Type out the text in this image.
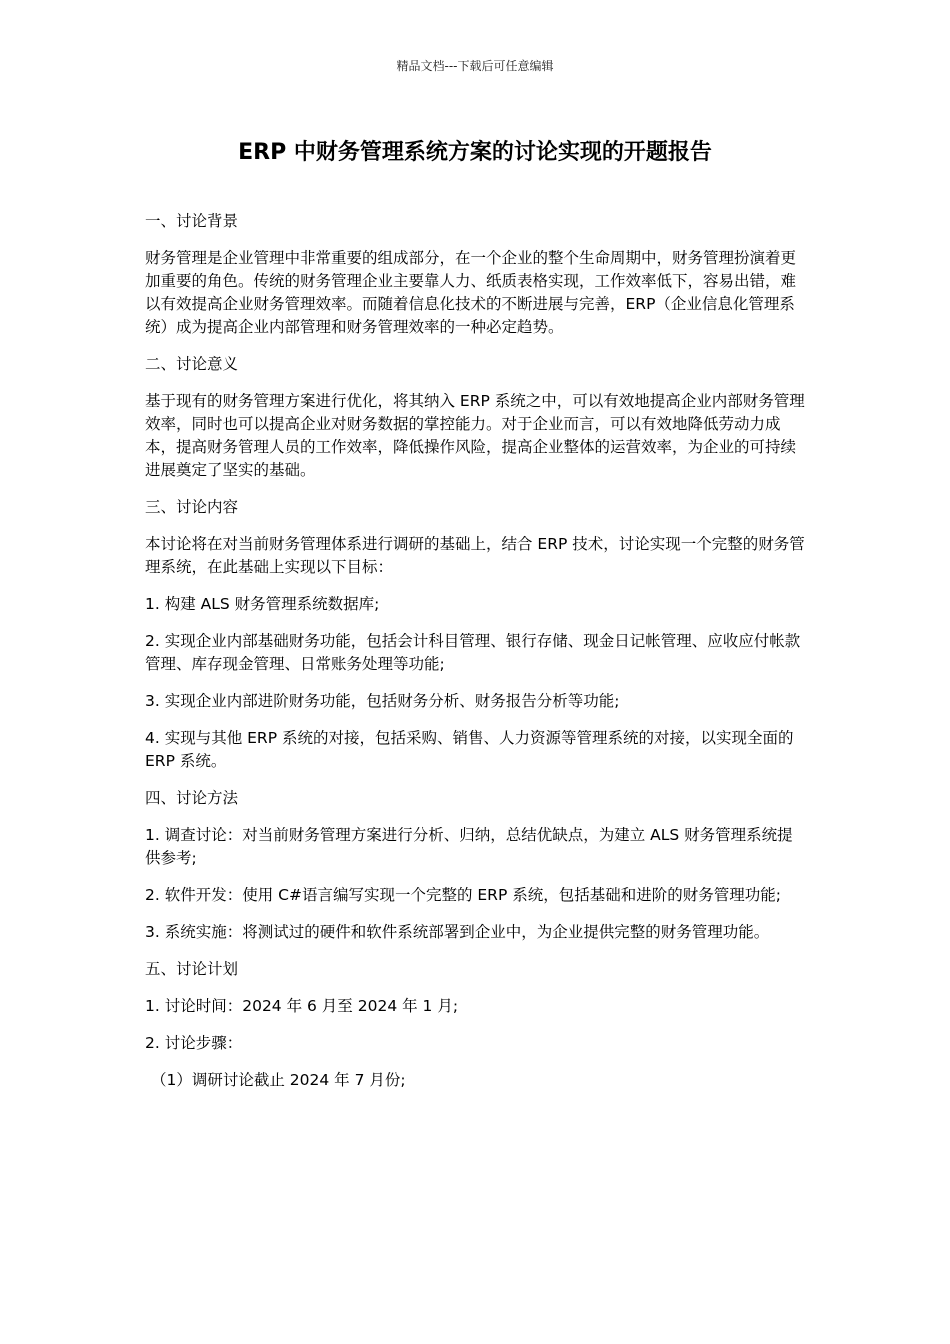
精品文档---下载后可任意编辑
ERP 中财务管理系统方案的讨论实现的开题报告

一、讨论背景

财务管理是企业管理中非常重要的组成部分，在一个企业的整个生命周期中，财务管理扮演着更加重要的角色。传统的财务管理企业主要靠人力、纸质表格实现，工作效率低下，容易出错，难以有效提高企业财务管理效率。而随着信息化技术的不断进展与完善，ERP（企业信息化管理系统）成为提高企业内部管理和财务管理效率的一种必定趋势。

二、讨论意义

基于现有的财务管理方案进行优化，将其纳入 ERP 系统之中，可以有效地提高企业内部财务管理效率，同时也可以提高企业对财务数据的掌控能力。对于企业而言，可以有效地降低劳动力成本，提高财务管理人员的工作效率，降低操作风险，提高企业整体的运营效率，为企业的可持续进展奠定了坚实的基础。

三、讨论内容

本讨论将在对当前财务管理体系进行调研的基础上，结合 ERP 技术，讨论实现一个完整的财务管理系统，在此基础上实现以下目标：

1. 构建 ALS 财务管理系统数据库;

2. 实现企业内部基础财务功能，包括会计科目管理、银行存储、现金日记帐管理、应收应付帐款管理、库存现金管理、日常账务处理等功能;

3. 实现企业内部进阶财务功能，包括财务分析、财务报告分析等功能;

4. 实现与其他 ERP 系统的对接，包括采购、销售、人力资源等管理系统的对接，以实现全面的 ERP 系统。

四、讨论方法

1. 调查讨论：对当前财务管理方案进行分析、归纳，总结优缺点，为建立 ALS 财务管理系统提供参考;

2. 软件开发：使用 C#语言编写实现一个完整的 ERP 系统，包括基础和进阶的财务管理功能;

3. 系统实施：将测试过的硬件和软件系统部署到企业中，为企业提供完整的财务管理功能。

五、讨论计划

1. 讨论时间：2024 年 6 月至 2024 年 1 月;

2. 讨论步骤：

（1）调研讨论截止 2024 年 7 月份;
